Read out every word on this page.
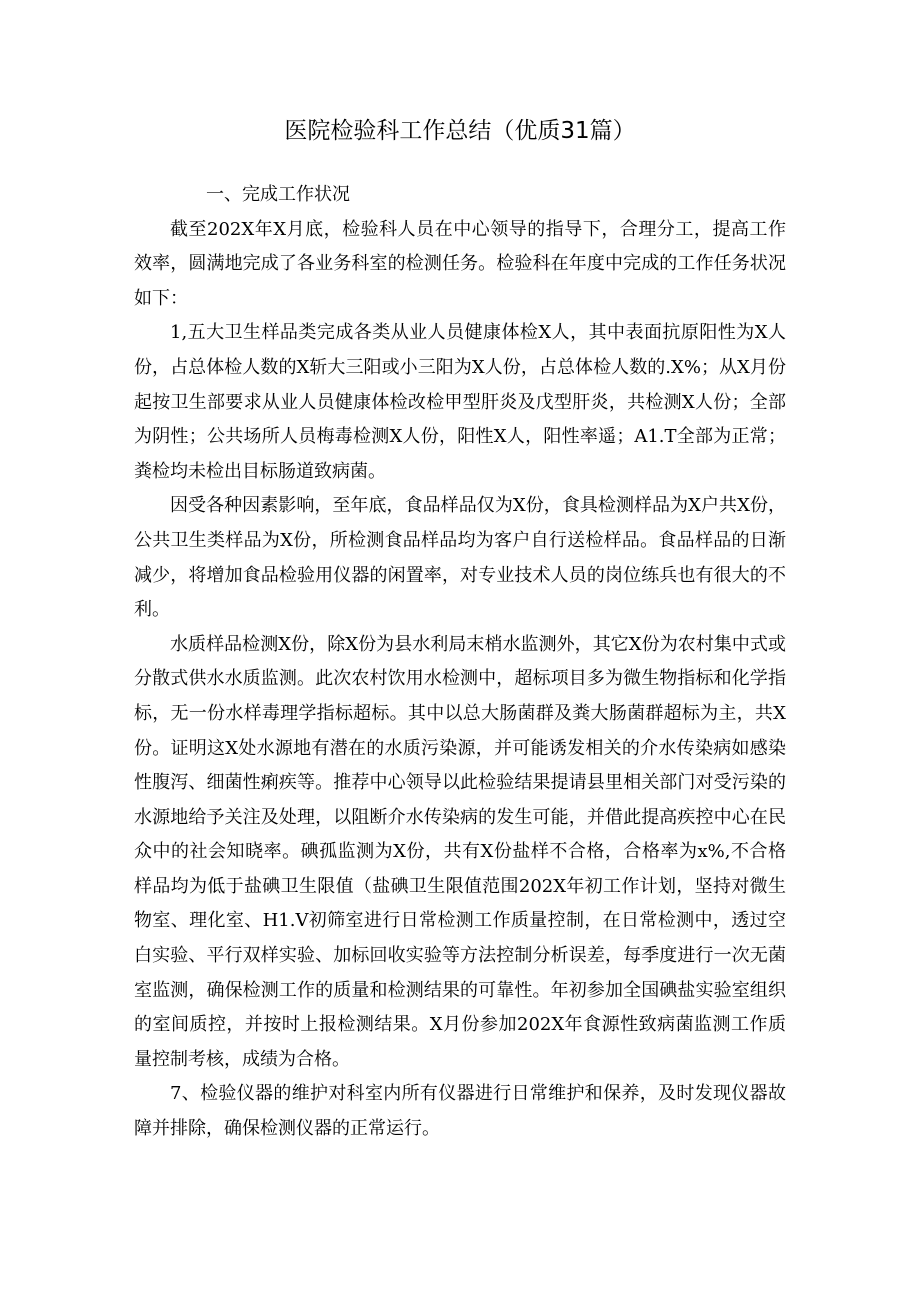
医院检验科工作总结（优质31篇）

一、完成工作状况

截至202X年X月底，检验科人员在中心领导的指导下，合理分工，提高工作效率，圆满地完成了各业务科室的检测任务。检验科在年度中完成的工作任务状况如下：

1,五大卫生样品类完成各类从业人员健康体检X人，其中表面抗原阳性为X人份，占总体检人数的X斩大三阳或小三阳为X人份，占总体检人数的.X%；从X月份起按卫生部要求从业人员健康体检改检甲型肝炎及戊型肝炎，共检测X人份；全部为阴性；公共场所人员梅毒检测X人份，阳性X人，阳性率遥；A1.T全部为正常；粪检均未检出目标肠道致病菌。

因受各种因素影响，至年底，食品样品仅为X份，食具检测样品为X户共X份，公共卫生类样品为X份，所检测食品样品均为客户自行送检样品。食品样品的日渐减少，将增加食品检验用仪器的闲置率，对专业技术人员的岗位练兵也有很大的不利。

水质样品检测X份，除X份为县水利局末梢水监测外，其它X份为农村集中式或分散式供水水质监测。此次农村饮用水检测中，超标项目多为微生物指标和化学指标，无一份水样毒理学指标超标。其中以总大肠菌群及粪大肠菌群超标为主，共X份。证明这X处水源地有潜在的水质污染源，并可能诱发相关的介水传染病如感染性腹泻、细菌性痢疾等。推荐中心领导以此检验结果提请县里相关部门对受污染的水源地给予关注及处理，以阻断介水传染病的发生可能，并借此提高疾控中心在民众中的社会知晓率。碘孤监测为X份，共有X份盐样不合格，合格率为x%,不合格样品均为低于盐碘卫生限值（盐碘卫生限值范围202X年初工作计划，坚持对微生物室、理化室、H1.V初筛室进行日常检测工作质量控制，在日常检测中，透过空白实验、平行双样实验、加标回收实验等方法控制分析误差，每季度进行一次无菌室监测，确保检测工作的质量和检测结果的可靠性。年初参加全国碘盐实验室组织的室间质控，并按时上报检测结果。X月份参加202X年食源性致病菌监测工作质量控制考核，成绩为合格。

7、检验仪器的维护对科室内所有仪器进行日常维护和保养，及时发现仪器故障并排除，确保检测仪器的正常运行。
